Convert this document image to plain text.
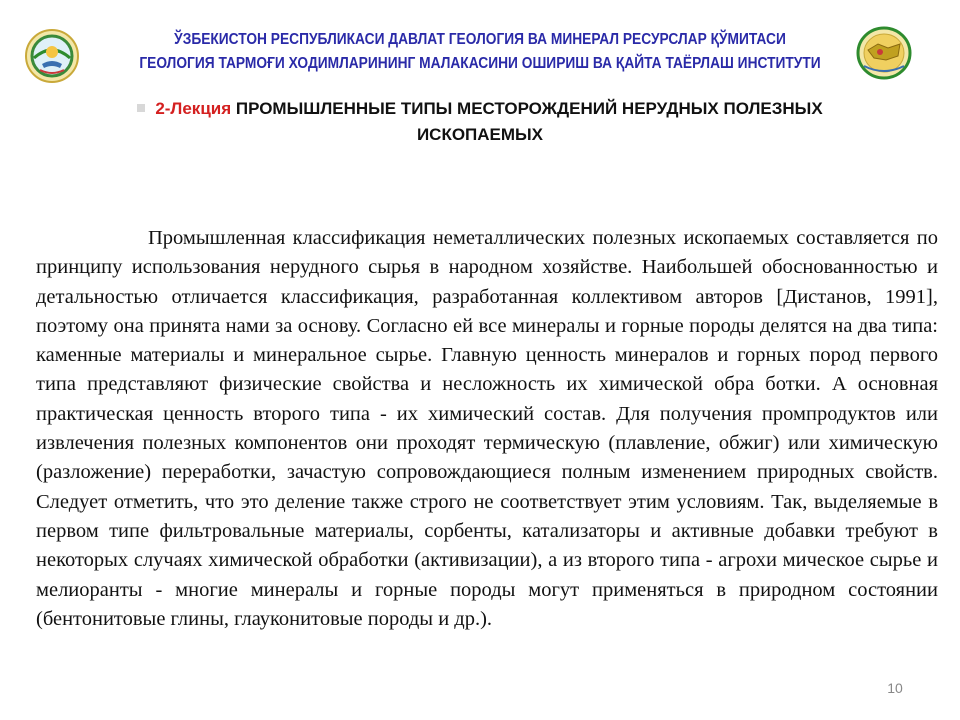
ЎЗБЕКИСТОН РЕСПУБЛИКАСИ ДАВЛАТ ГЕОЛОГИЯ ВА МИНЕРАЛ РЕСУРСЛАР ҚЎМИТАСИ
ГЕОЛОГИЯ ТАРМОҒИ ХОДИМЛАРИНИНГ МАЛАКАСИНИ ОШИРИШ ВА ҚАЙТА ТАЁРЛАШ ИНСТИТУТИ
2-Лекция ПРОМЫШЛЕННЫЕ ТИПЫ МЕСТОРОЖДЕНИЙ НЕРУДНЫХ ПОЛЕЗНЫХ
ИСКОПАЕМЫХ
Промышленная классификация неметаллических полезных ископаемых составляется по принципу использования нерудного сырья в народном хозяйстве. Наибольшей обоснованностью и детальностью отличается классификация, разработанная коллективом авторов [Дистанов, 1991], поэтому она принята нами за основу. Согласно ей все минералы и горные породы делятся на два типа: каменные материалы и минеральное сырье. Главную ценность минералов и горных пород первого типа представляют физические свойства и несложность их химической обра ботки. А основная практическая ценность второго типа - их химический состав. Для получения промпродуктов или извлечения полезных компонентов они проходят термическую (плавление, обжиг) или химическую (разложение) переработки, зачастую сопровождающиеся полным изменением природных свойств. Следует отметить, что это деление также строго не соответствует этим условиям. Так, выделяемые в первом типе фильтровальные материалы, сорбенты, катализаторы и активные добавки требуют в некоторых случаях химической обработки (активизации), а из второго типа - агрохи мическое сырье и мелиоранты - многие минералы и горные породы могут применяться в природном состоянии (бентонитовые глины, глауконитовые породы и др.).
10
